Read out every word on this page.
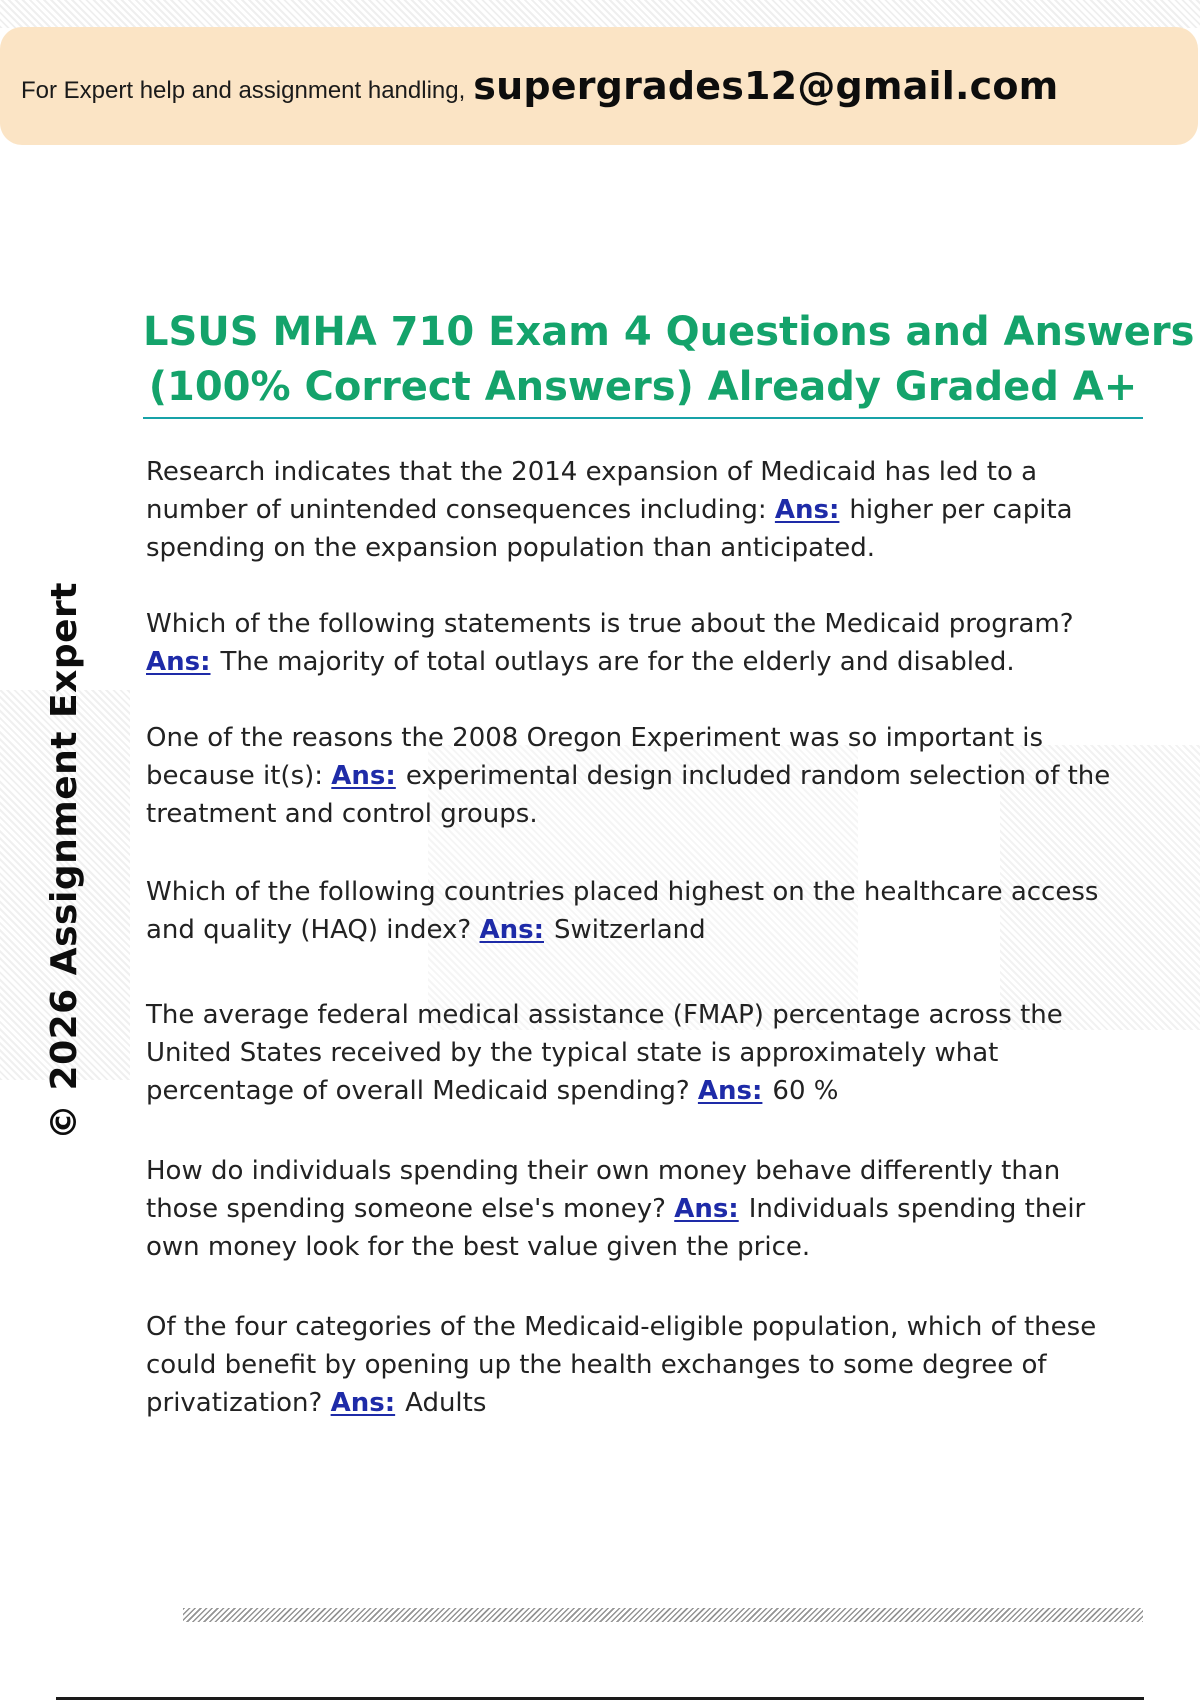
For Expert help and assignment handling, supergrades12@gmail.com
LSUS MHA 710 Exam 4 Questions and Answers
(100% Correct Answers) Already Graded A+
© 2026 Assignment Expert

Research indicates that the 2014 expansion of Medicaid has led to a number of unintended consequences including: Ans: higher per capita spending on the expansion population than anticipated.

Which of the following statements is true about the Medicaid program? Ans: The majority of total outlays are for the elderly and disabled.

One of the reasons the 2008 Oregon Experiment was so important is because it(s): Ans: experimental design included random selection of the treatment and control groups.

Which of the following countries placed highest on the healthcare access and quality (HAQ) index? Ans: Switzerland

The average federal medical assistance (FMAP) percentage across the United States received by the typical state is approximately what percentage of overall Medicaid spending? Ans: 60 %

How do individuals spending their own money behave differently than those spending someone else's money? Ans: Individuals spending their own money look for the best value given the price.

Of the four categories of the Medicaid-eligible population, which of these could benefit by opening up the health exchanges to some degree of privatization? Ans: Adults
